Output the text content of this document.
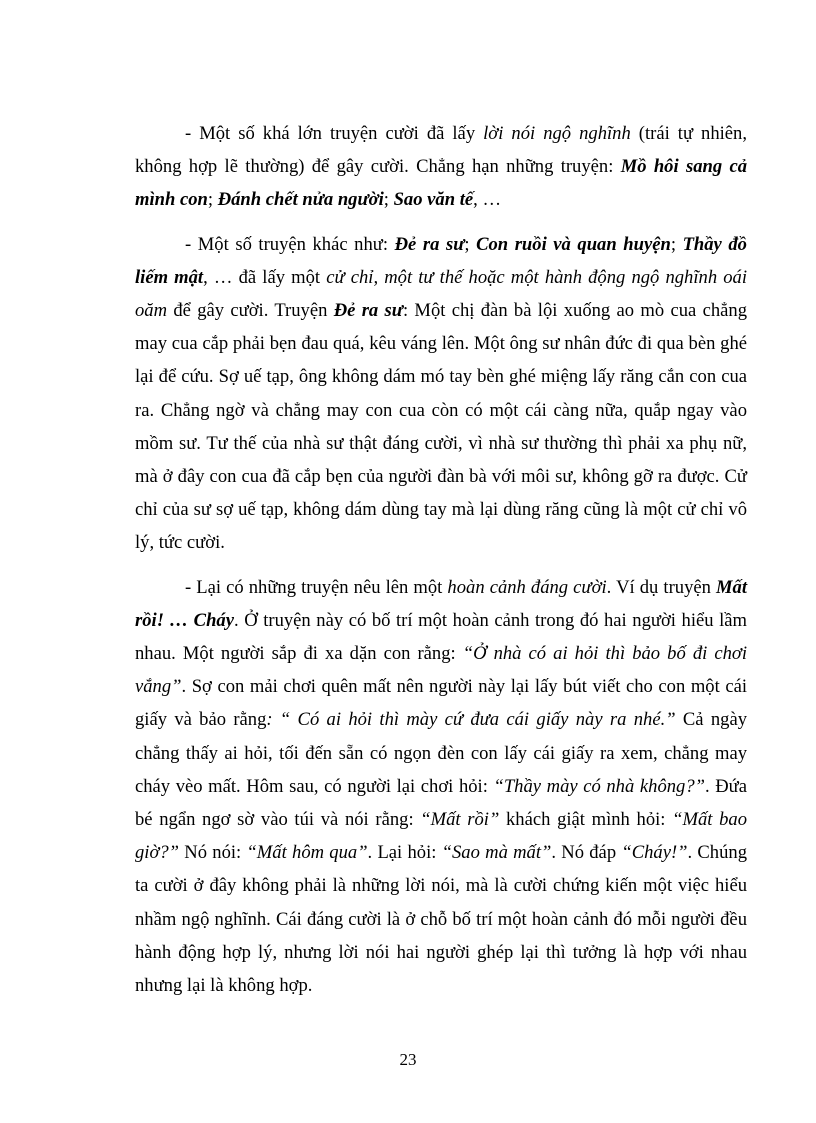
- Một số khá lớn truyện cười đã lấy lời nói ngộ nghĩnh (trái tự nhiên, không hợp lẽ thường) để gây cười. Chẳng hạn những truyện: Mồ hôi sang cả mình con; Đánh chết nửa người; Sao văn tế, …

- Một số truyện khác như: Đẻ ra sư; Con ruồi và quan huyện; Thầy đồ liếm mật, … đã lấy một cử chỉ, một tư thế hoặc một hành động ngộ nghĩnh oái oăm để gây cười. Truyện Đẻ ra sư: Một chị đàn bà lội xuống ao mò cua chẳng may cua cắp phải bẹn đau quá, kêu váng lên. Một ông sư nhân đức đi qua bèn ghé lại để cứu. Sợ uế tạp, ông không dám mó tay bèn ghé miệng lấy răng cắn con cua ra. Chẳng ngờ và chẳng may con cua còn có một cái càng nữa, quắp ngay vào mồm sư. Tư thế của nhà sư thật đáng cười, vì nhà sư thường thì phải xa phụ nữ, mà ở đây con cua đã cắp bẹn của người đàn bà với môi sư, không gỡ ra được. Cử chỉ của sư sợ uế tạp, không dám dùng tay mà lại dùng răng cũng là một cử chỉ vô lý, tức cười.

- Lại có những truyện nêu lên một hoàn cảnh đáng cười. Ví dụ truyện Mất rồi! … Cháy. Ở truyện này có bố trí một hoàn cảnh trong đó hai người hiểu lầm nhau. Một người sắp đi xa dặn con rằng: “Ở nhà có ai hỏi thì bảo bố đi chơi vắng”. Sợ con mải chơi quên mất nên người này lại lấy bút viết cho con một cái giấy và bảo rằng: “ Có ai hỏi thì mày cứ đưa cái giấy này ra nhé.” Cả ngày chẳng thấy ai hỏi, tối đến sẵn có ngọn đèn con lấy cái giấy ra xem, chẳng may cháy vèo mất. Hôm sau, có người lại chơi hỏi: “Thầy mày có nhà không?”. Đứa bé ngẩn ngơ sờ vào túi và nói rằng: “Mất rồi” khách giật mình hỏi: “Mất bao giờ?” Nó nói: “Mất hôm qua”. Lại hỏi: “Sao mà mất”. Nó đáp “Cháy!”. Chúng ta cười ở đây không phải là những lời nói, mà là cười chứng kiến một việc hiểu nhầm ngộ nghĩnh. Cái đáng cười là ở chỗ bố trí một hoàn cảnh đó mỗi người đều hành động hợp lý, nhưng lời nói hai người ghép lại thì tưởng là hợp với nhau nhưng lại là không hợp.

23
